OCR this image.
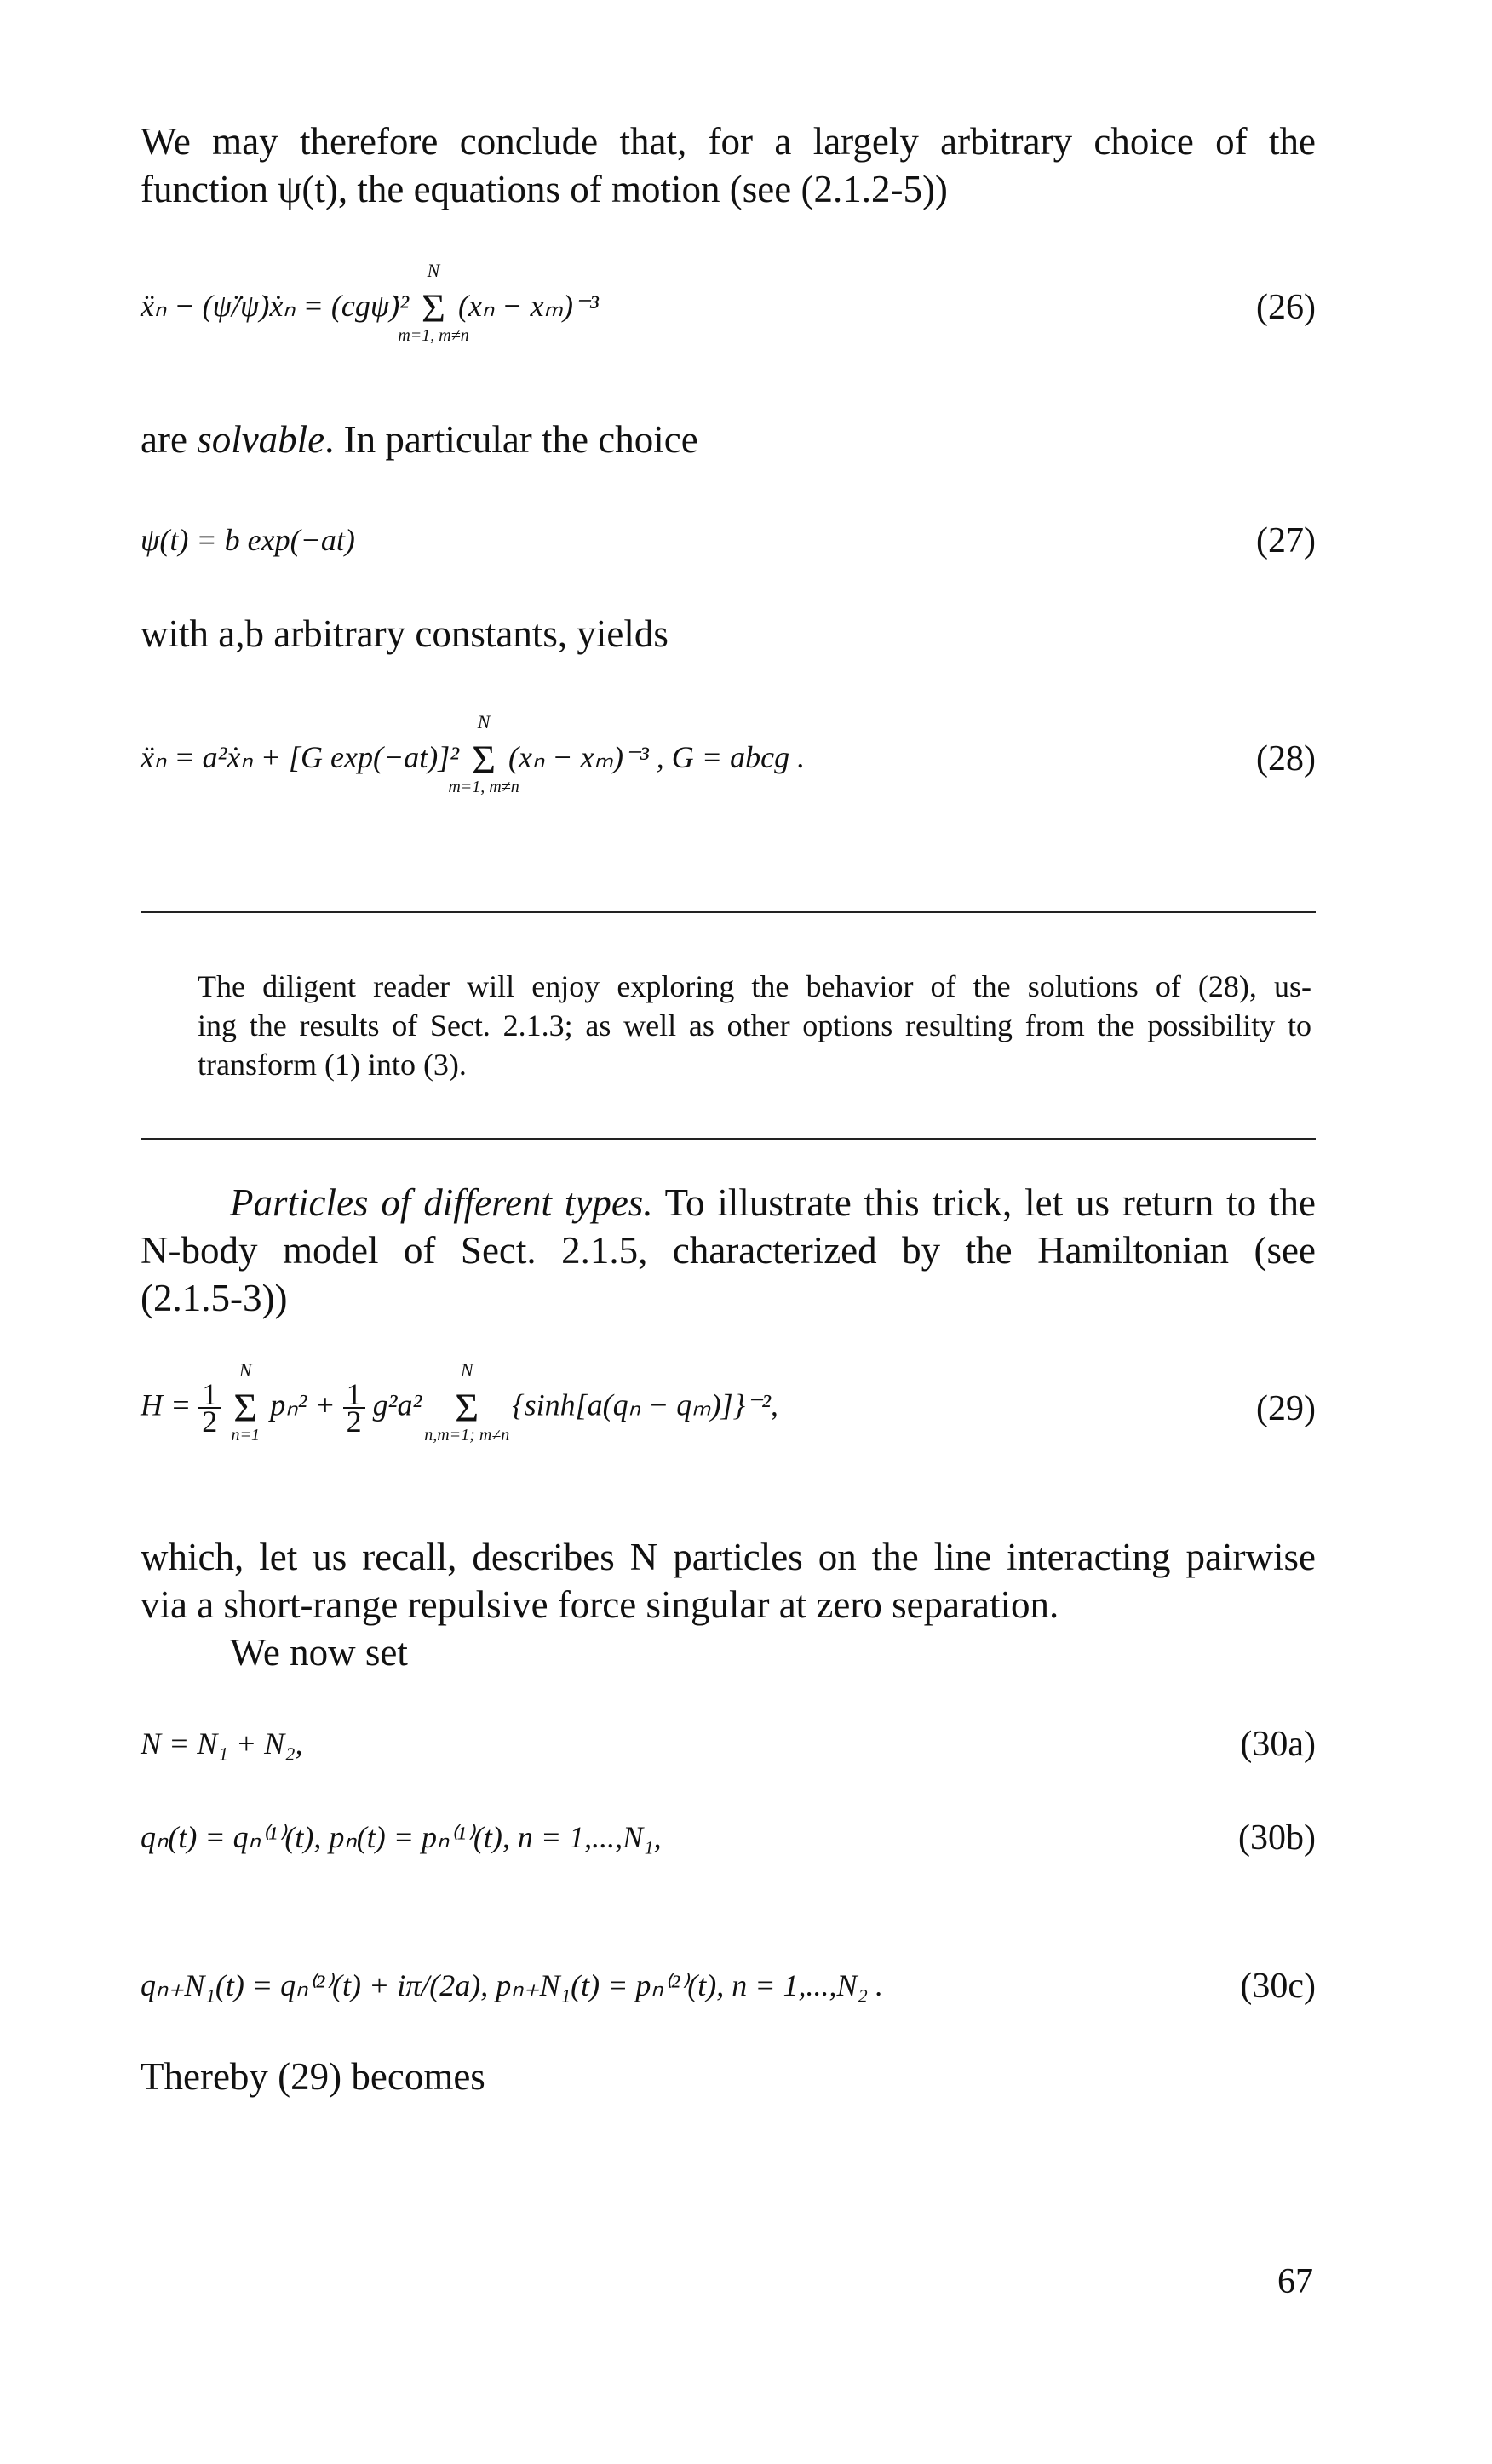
We may therefore conclude that, for a largely arbitrary choice of the
function ψ(t), the equations of motion (see (2.1.2-5))
ẍₙ − (ψ̈/ψ̇)ẋₙ = (cgψ̇)²
N
Σ
m=1, m≠n
(xₙ − xₘ)⁻³	(26)
are solvable. In particular the choice
ψ(t) = b exp(−at)	(27)
with a,b arbitrary constants, yields
ẍₙ = a²ẋₙ + [G exp(−at)]²
N
Σ
m=1, m≠n
(xₙ − xₘ)⁻³ , G = abcg .	(28)
The diligent reader will enjoy exploring the behavior of the solutions of (28), us-
ing the results of Sect. 2.1.3; as well as other options resulting from the possibility to
transform (1) into (3).
Particles of different types. To illustrate this trick, let us return to the
N-body model of Sect. 2.1.5, characterized by the Hamiltonian (see
(2.1.5-3))
$H = \frac{1}{2}$

N
Σ
n=1
$p_n^2 + \frac{1}{2} g^2a^2$
N
Σ
n,m=1; m≠n
{sinh[a(qₙ − qₘ)]}⁻²,	(29)
which, let us recall, describes N particles on the line interacting pairwise
via a short-range repulsive force singular at zero separation.
We now set
N = N₁ + N₂,	(30a)
qₙ(t) = qₙ⁽¹⁾(t), pₙ(t) = pₙ⁽¹⁾(t), n = 1,...,N₁,	(30b)
qₙ₊N₁(t) = qₙ⁽²⁾(t) + iπ/(2a), pₙ₊N₁(t) = pₙ⁽²⁾(t), n = 1,...,N₂ .	(30c)
Thereby (29) becomes
67
